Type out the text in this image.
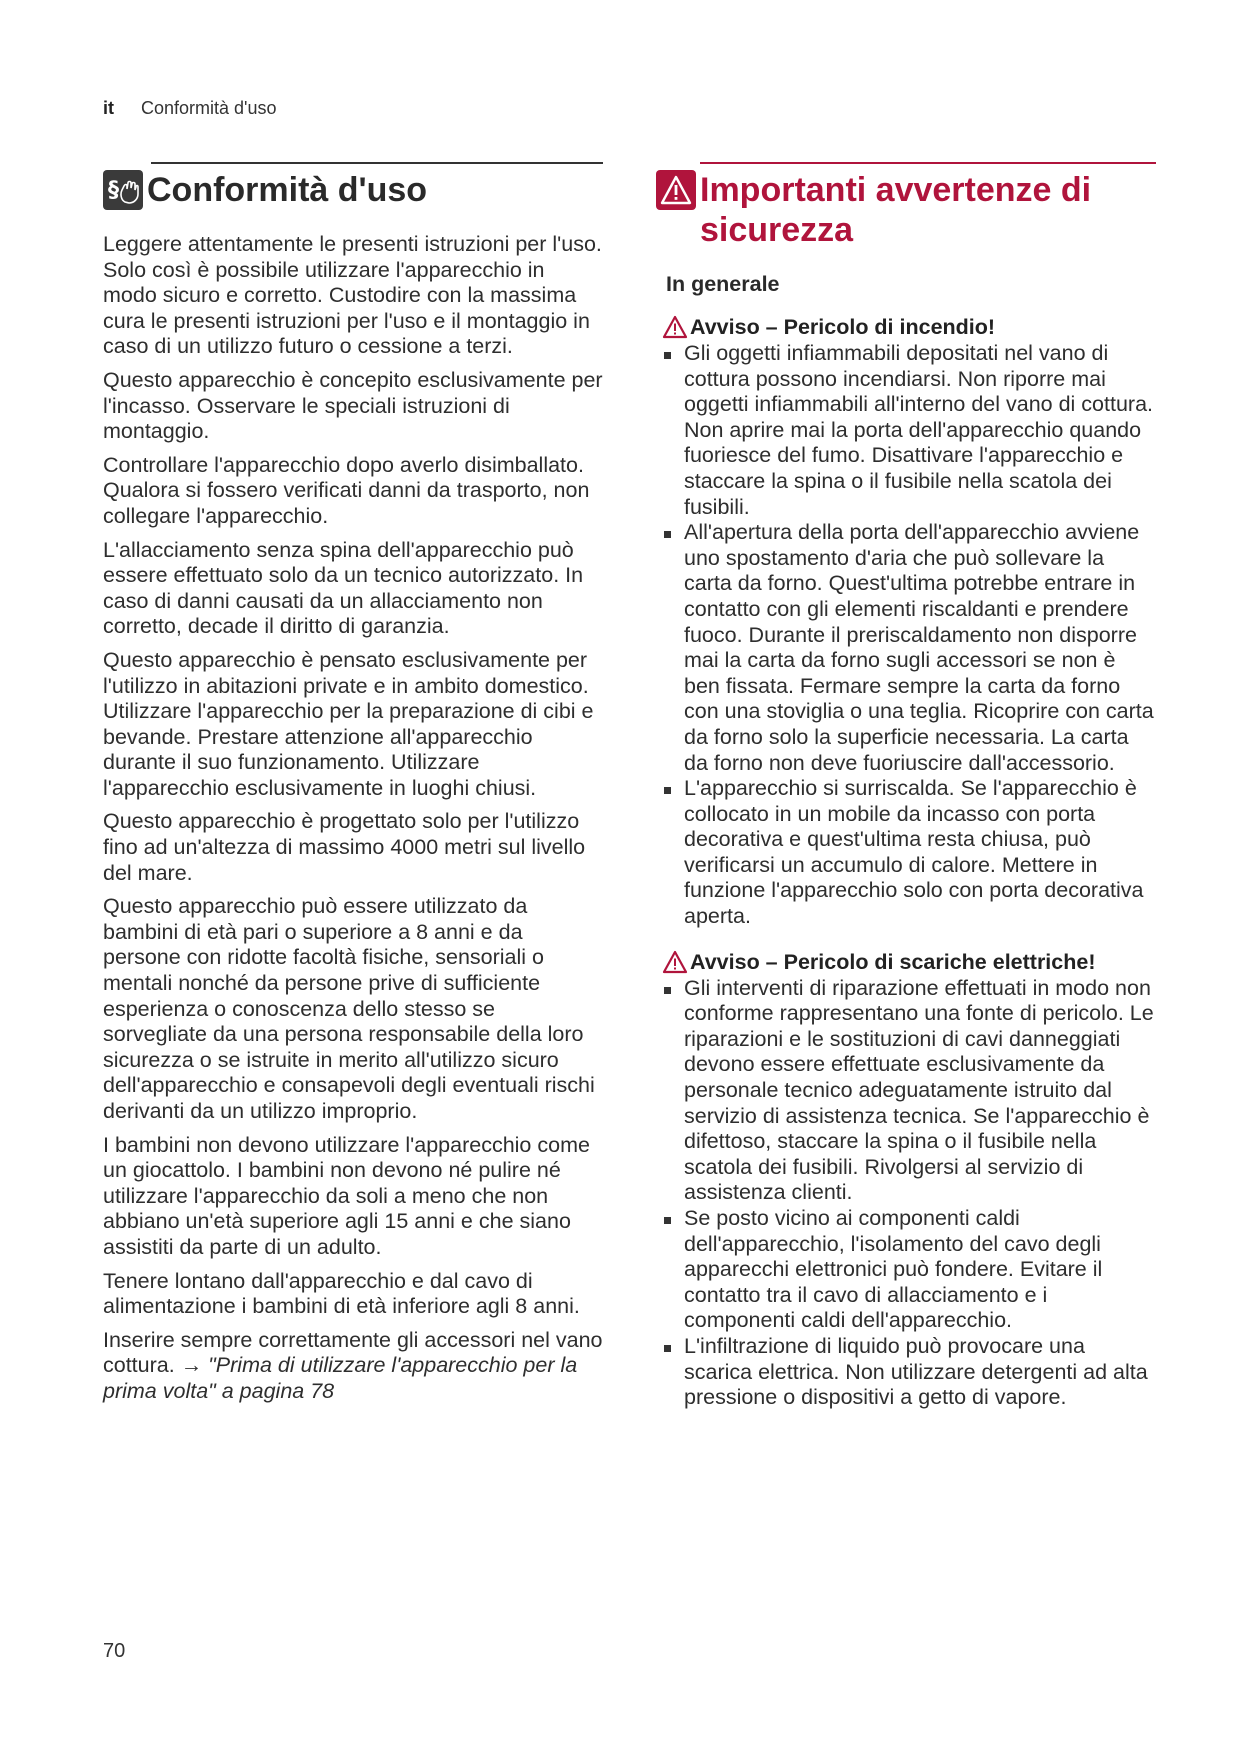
it Conformità d'uso
§ Conformità d'uso

Leggere attentamente le presenti istruzioni per l'uso. Solo così è possibile utilizzare l'apparecchio in modo sicuro e corretto. Custodire con la massima cura le presenti istruzioni per l'uso e il montaggio in caso di un utilizzo futuro o cessione a terzi.

Questo apparecchio è concepito esclusivamente per l'incasso. Osservare le speciali istruzioni di montaggio.

Controllare l'apparecchio dopo averlo disimballato. Qualora si fossero verificati danni da trasporto, non collegare l'apparecchio.

L'allacciamento senza spina dell'apparecchio può essere effettuato solo da un tecnico autorizzato. In caso di danni causati da un allacciamento non corretto, decade il diritto di garanzia.

Questo apparecchio è pensato esclusivamente per l'utilizzo in abitazioni private e in ambito domestico. Utilizzare l'apparecchio per la preparazione di cibi e bevande. Prestare attenzione all'apparecchio durante il suo funzionamento. Utilizzare l'apparecchio esclusivamente in luoghi chiusi.

Questo apparecchio è progettato solo per l'utilizzo fino ad un'altezza di massimo 4000 metri sul livello del mare.

Questo apparecchio può essere utilizzato da bambini di età pari o superiore a 8 anni e da persone con ridotte facoltà fisiche, sensoriali o mentali nonché da persone prive di sufficiente esperienza o conoscenza dello stesso se sorvegliate da una persona responsabile della loro sicurezza o se istruite in merito all'utilizzo sicuro dell'apparecchio e consapevoli degli eventuali rischi derivanti da un utilizzo improprio.

I bambini non devono utilizzare l'apparecchio come un giocattolo. I bambini non devono né pulire né utilizzare l'apparecchio da soli a meno che non abbiano un'età superiore agli 15 anni e che siano assistiti da parte di un adulto.

Tenere lontano dall'apparecchio e dal cavo di alimentazione i bambini di età inferiore agli 8 anni.

Inserire sempre correttamente gli accessori nel vano cottura. → "Prima di utilizzare l'apparecchio per la prima volta" a pagina 78

Importanti avvertenze di sicurezza
In generale
Avviso – Pericolo di incendio!
Gli oggetti infiammabili depositati nel vano di cottura possono incendiarsi. Non riporre mai oggetti infiammabili all'interno del vano di cottura. Non aprire mai la porta dell'apparecchio quando fuoriesce del fumo. Disattivare l'apparecchio e staccare la spina o il fusibile nella scatola dei fusibili.
All'apertura della porta dell'apparecchio avviene uno spostamento d'aria che può sollevare la carta da forno. Quest'ultima potrebbe entrare in contatto con gli elementi riscaldanti e prendere fuoco. Durante il preriscaldamento non disporre mai la carta da forno sugli accessori se non è ben fissata. Fermare sempre la carta da forno con una stoviglia o una teglia. Ricoprire con carta da forno solo la superficie necessaria. La carta da forno non deve fuoriuscire dall'accessorio.
L'apparecchio si surriscalda. Se l'apparecchio è collocato in un mobile da incasso con porta decorativa e quest'ultima resta chiusa, può verificarsi un accumulo di calore. Mettere in funzione l'apparecchio solo con porta decorativa aperta.
Avviso – Pericolo di scariche elettriche!
Gli interventi di riparazione effettuati in modo non conforme rappresentano una fonte di pericolo. Le riparazioni e le sostituzioni di cavi danneggiati devono essere effettuate esclusivamente da personale tecnico adeguatamente istruito dal servizio di assistenza tecnica. Se l'apparecchio è difettoso, staccare la spina o il fusibile nella scatola dei fusibili. Rivolgersi al servizio di assistenza clienti.
Se posto vicino ai componenti caldi dell'apparecchio, l'isolamento del cavo degli apparecchi elettronici può fondere. Evitare il contatto tra il cavo di allacciamento e i componenti caldi dell'apparecchio.
L'infiltrazione di liquido può provocare una scarica elettrica. Non utilizzare detergenti ad alta pressione o dispositivi a getto di vapore.
70
